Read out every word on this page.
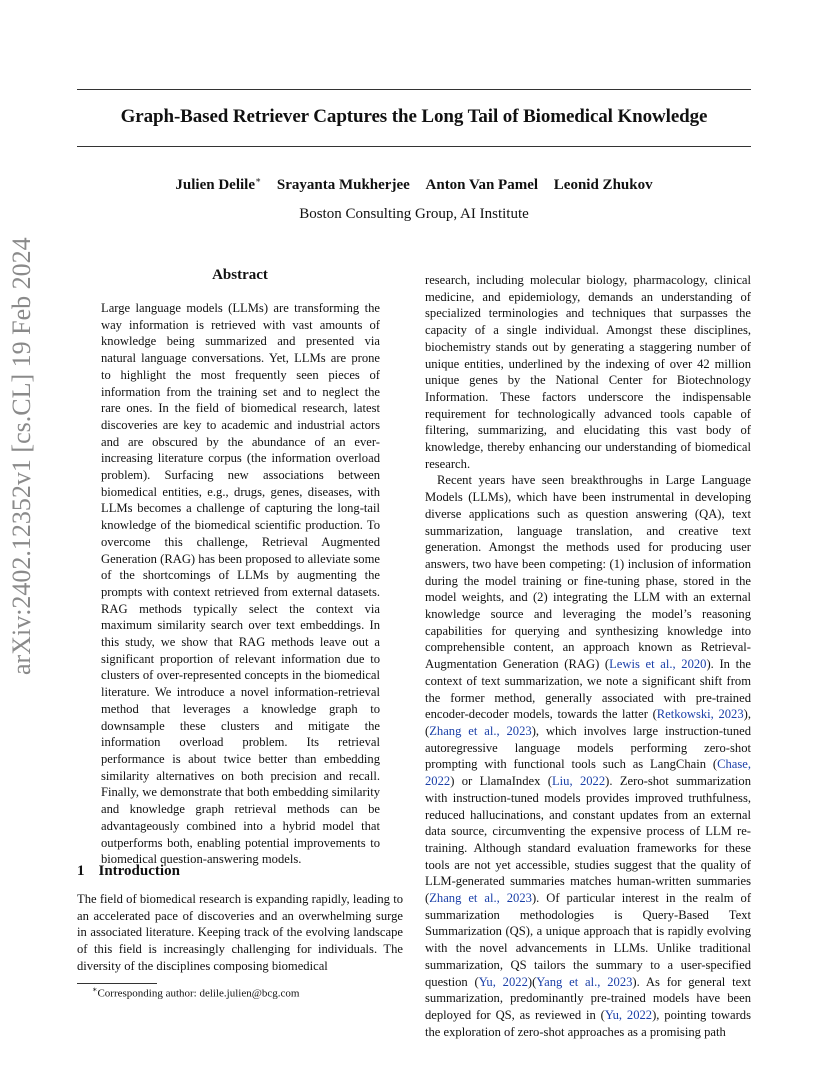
Graph-Based Retriever Captures the Long Tail of Biomedical Knowledge
Julien Delile∗ Srayanta Mukherjee Anton Van Pamel Leonid Zhukov
Boston Consulting Group, AI Institute
arXiv:2402.12352v1 [cs.CL] 19 Feb 2024	Abstract
Large language models (LLMs) are transforming the way information is retrieved with vast amounts of knowledge being summarized and presented via natural language conversations. Yet, LLMs are prone to highlight the most frequently seen pieces of information from the training set and to neglect the rare ones. In the field of biomedical research, latest discoveries are key to academic and industrial actors and are obscured by the abundance of an ever-increasing literature corpus (the information overload problem). Surfacing new associations between biomedical entities, e.g., drugs, genes, diseases, with LLMs becomes a challenge of capturing the long-tail knowledge of the biomedical scientific production. To overcome this challenge, Retrieval Augmented Generation (RAG) has been proposed to alleviate some of the shortcomings of LLMs by augmenting the prompts with context retrieved from external datasets. RAG methods typically select the context via maximum similarity search over text embeddings. In this study, we show that RAG methods leave out a significant proportion of relevant information due to clusters of over-represented concepts in the biomedical literature. We introduce a novel information-retrieval method that leverages a knowledge graph to downsample these clusters and mitigate the information overload problem. Its retrieval performance is about twice better than embedding similarity alternatives on both precision and recall. Finally, we demonstrate that both embedding similarity and knowledge graph retrieval methods can be advantageously combined into a hybrid model that outperforms both, enabling potential improvements to biomedical question-answering models.
1 Introduction
The field of biomedical research is expanding rapidly, leading to an accelerated pace of discoveries and an overwhelming surge in associated literature. Keeping track of the evolving landscape of this field is increasingly challenging for individuals. The diversity of the disciplines composing biomedical

research, including molecular biology, pharmacology, clinical medicine, and epidemiology, demands an understanding of specialized terminologies and techniques that surpasses the capacity of a single individual. Amongst these disciplines, biochemistry stands out by generating a staggering number of unique entities, underlined by the indexing of over 42 million unique genes by the National Center for Biotechnology Information. These factors underscore the indispensable requirement for technologically advanced tools capable of filtering, summarizing, and elucidating this vast body of knowledge, thereby enhancing our understanding of biomedical research.

Recent years have seen breakthroughs in Large Language Models (LLMs), which have been instrumental in developing diverse applications such as question answering (QA), text summarization, language translation, and creative text generation. Amongst the methods used for producing user answers, two have been competing: (1) inclusion of information during the model training or fine-tuning phase, stored in the model weights, and (2) integrating the LLM with an external knowledge source and leveraging the model’s reasoning capabilities for querying and synthesizing knowledge into comprehensible content, an approach known as Retrieval-Augmentation Generation (RAG) (Lewis et al., 2020). In the context of text summarization, we note a significant shift from the former method, generally associated with pre-trained encoder-decoder models, towards the latter (Retkowski, 2023), (Zhang et al., 2023), which involves large instruction-tuned autoregressive language models performing zero-shot prompting with functional tools such as LangChain (Chase, 2022) or LlamaIndex (Liu, 2022). Zero-shot summarization with instruction-tuned models provides improved truthfulness, reduced hallucinations, and constant updates from an external data source, circumventing the expensive process of LLM re-training. Although standard evaluation frameworks for these tools are not yet accessible, studies suggest that the quality of LLM-generated summaries matches human-written summaries (Zhang et al., 2023). Of particular interest in the realm of summarization methodologies is Query-Based Text Summarization (QS), a unique approach that is rapidly evolving with the novel advancements in LLMs. Unlike traditional summarization, QS tailors the summary to a user-specified question (Yu, 2022)(Yang et al., 2023). As for general text summarization, predominantly pre-trained models have been deployed for QS, as reviewed in (Yu, 2022), pointing towards the exploration of zero-shot approaches as a promising path

∗Corresponding author: delile.julien@bcg.com
